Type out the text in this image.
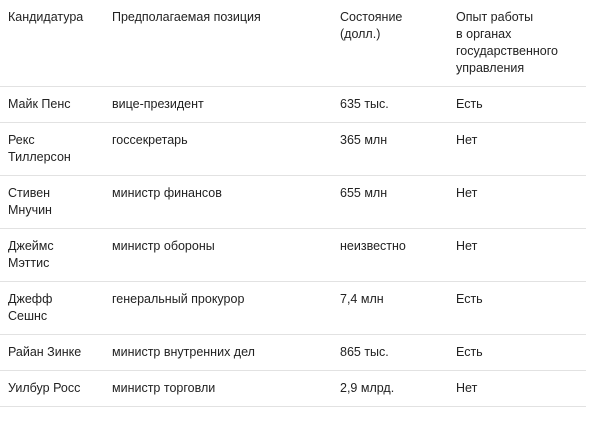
Кандидатура	Предполагаемая позиция	Состояние
(долл.)	Опыт работы
в органах
государственного
управления

Майк Пенс	вице-президент	635 тыс.	Есть

Рекс
Тиллерсон	госсекретарь	365 млн	Нет

Стивен
Мнучин	министр финансов	655 млн	Нет

Джеймс
Мэттис	министр обороны	неизвестно	Нет

Джефф
Сешнс	генеральный прокурор	7,4 млн	Есть

Райан Зинке	министр внутренних дел	865 тыс.	Есть

Уилбур Росс	министр торговли	2,9 млрд.	Нет
